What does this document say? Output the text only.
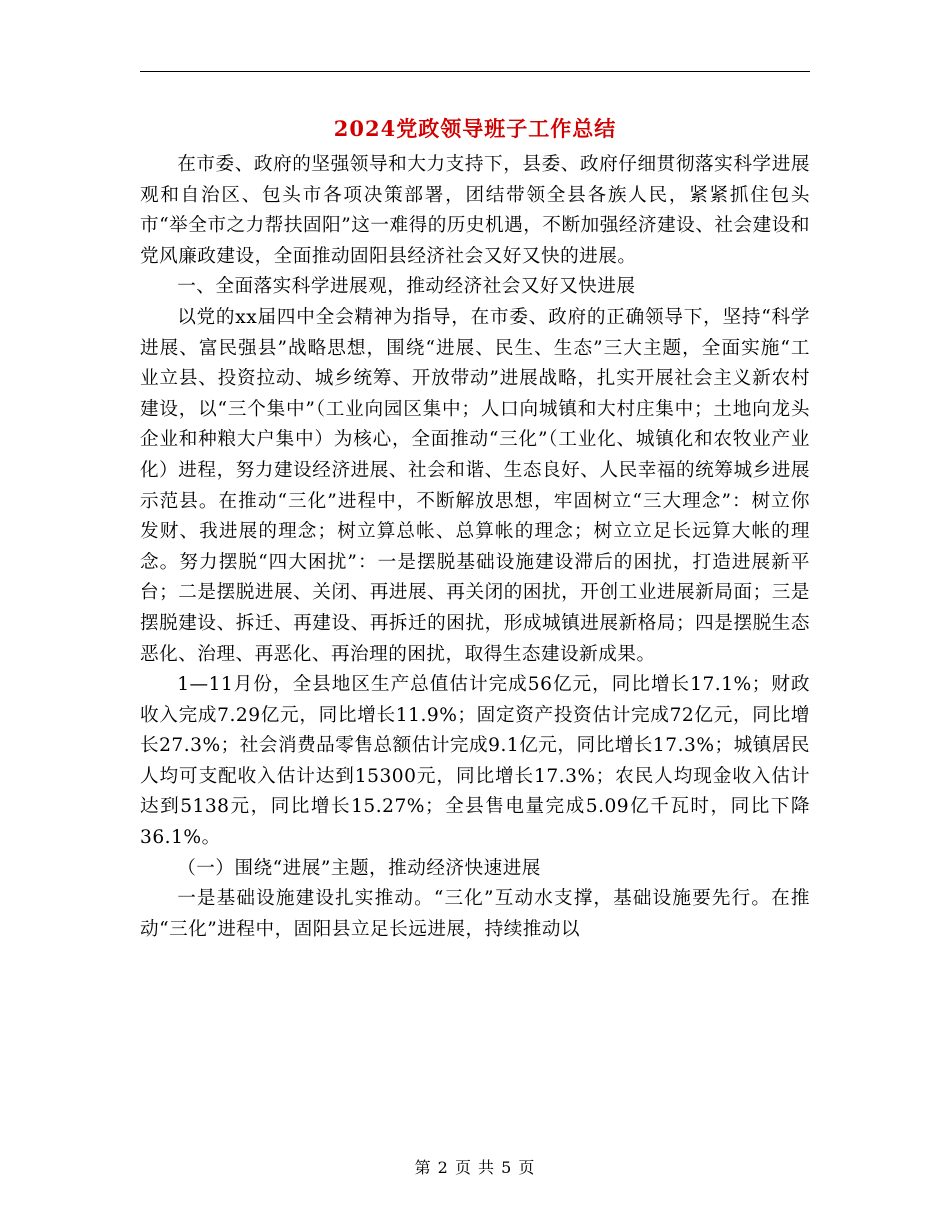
2024党政领导班子工作总结

在市委、政府的坚强领导和大力支持下，县委、政府仔细贯彻落实科学进展观和自治区、包头市各项决策部署，团结带领全县各族人民，紧紧抓住包头市“举全市之力帮扶固阳”这一难得的历史机遇，不断加强经济建设、社会建设和党风廉政建设，全面推动固阳县经济社会又好又快的进展。

一、全面落实科学进展观，推动经济社会又好又快进展

以党的xx届四中全会精神为指导，在市委、政府的正确领导下，坚持“科学进展、富民强县”战略思想，围绕“进展、民生、生态”三大主题，全面实施“工业立县、投资拉动、城乡统筹、开放带动”进展战略，扎实开展社会主义新农村建设，以“三个集中”（工业向园区集中；人口向城镇和大村庄集中；土地向龙头企业和种粮大户集中）为核心，全面推动“三化”（工业化、城镇化和农牧业产业化）进程，努力建设经济进展、社会和谐、生态良好、人民幸福的统筹城乡进展示范县。在推动“三化”进程中，不断解放思想，牢固树立“三大理念”：树立你发财、我进展的理念；树立算总帐、总算帐的理念；树立立足长远算大帐的理念。努力摆脱“四大困扰”：一是摆脱基础设施建设滞后的困扰，打造进展新平台；二是摆脱进展、关闭、再进展、再关闭的困扰，开创工业进展新局面；三是摆脱建设、拆迁、再建设、再拆迁的困扰，形成城镇进展新格局；四是摆脱生态恶化、治理、再恶化、再治理的困扰，取得生态建设新成果。

1—11月份，全县地区生产总值估计完成56亿元，同比增长17.1%；财政收入完成7.29亿元，同比增长11.9%；固定资产投资估计完成72亿元，同比增长27.3%；社会消费品零售总额估计完成9.1亿元，同比增长17.3%；城镇居民人均可支配收入估计达到15300元，同比增长17.3%；农民人均现金收入估计达到5138元，同比增长15.27%；全县售电量完成5.09亿千瓦时，同比下降36.1%。

（一）围绕“进展”主题，推动经济快速进展

一是基础设施建设扎实推动。“三化”互动水支撑，基础设施要先行。在推动“三化”进程中，固阳县立足长远进展，持续推动以

第 2 页 共 5 页
